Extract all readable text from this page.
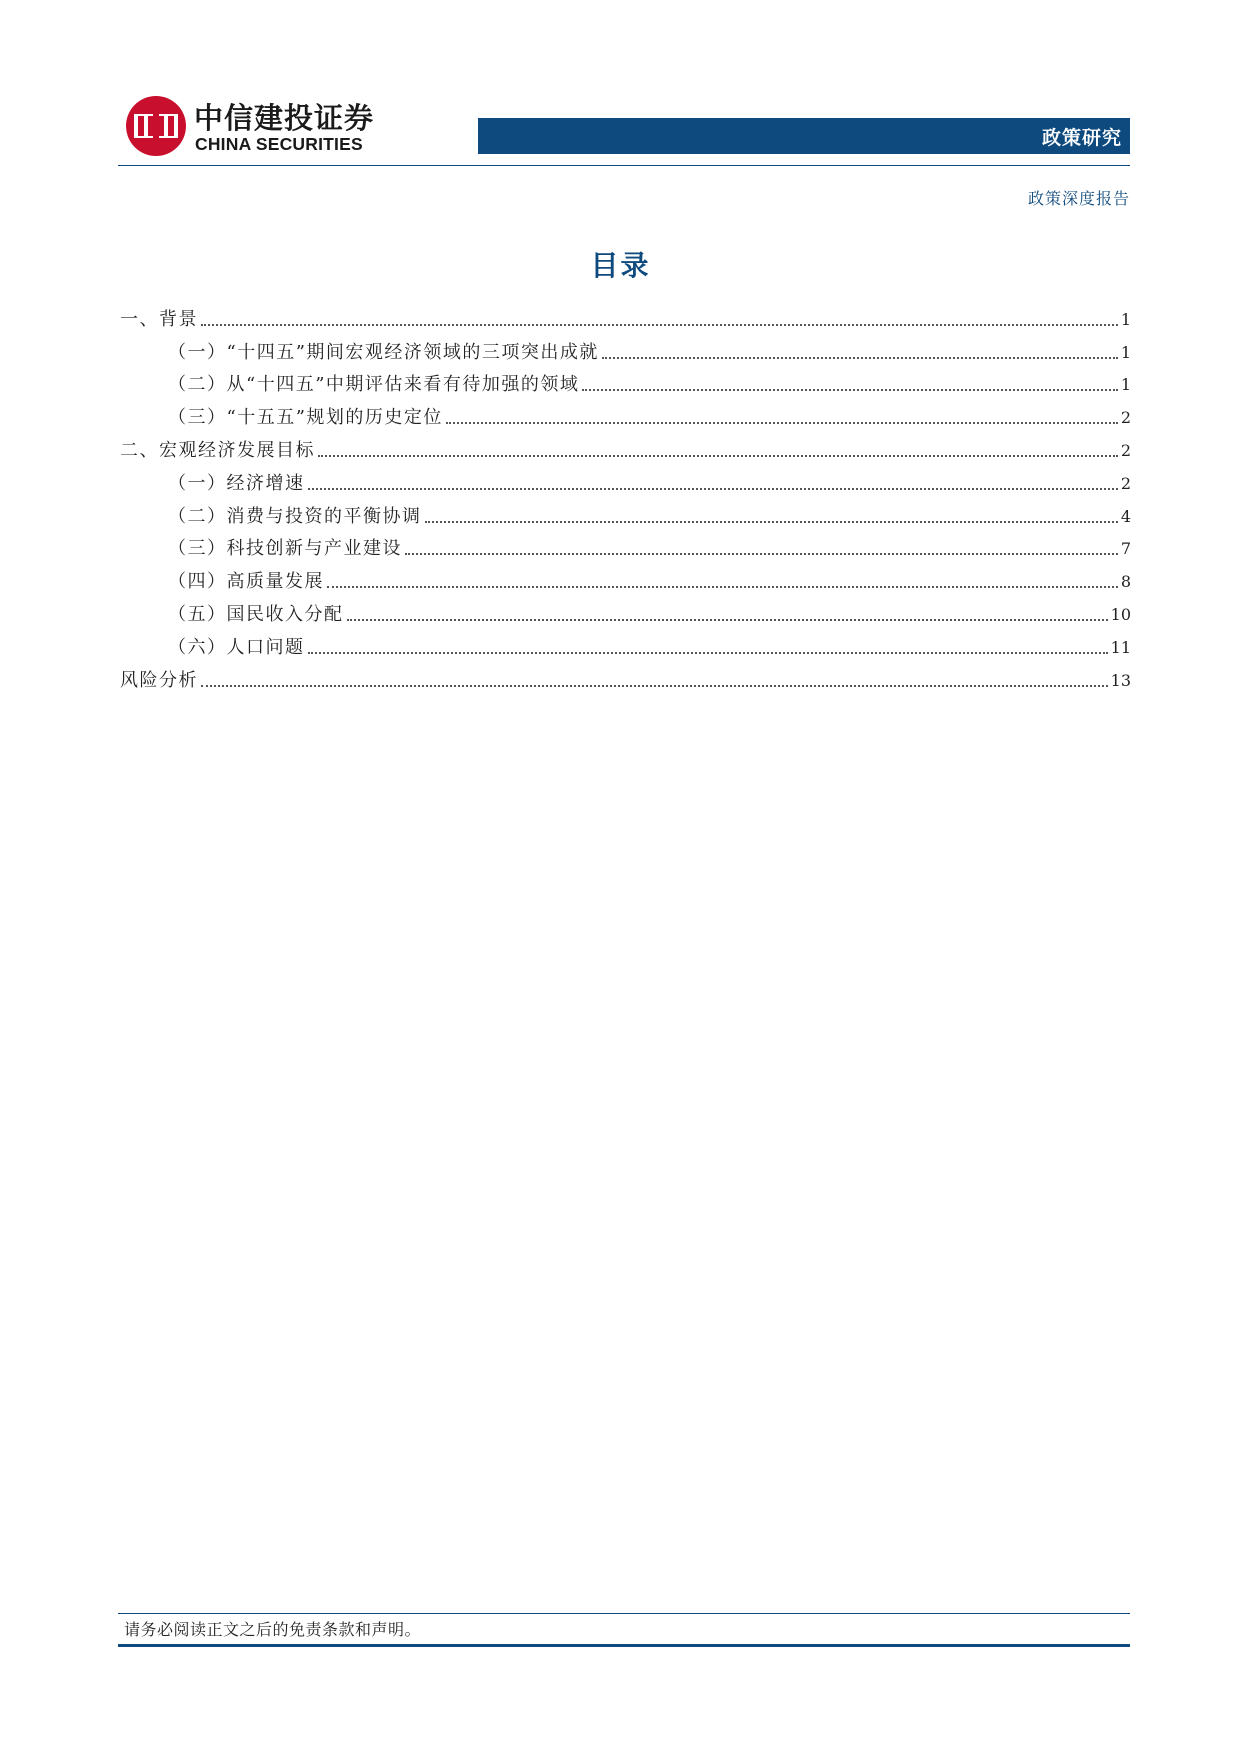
中信建投证券
CHINA SECURITIES	政策研究
政策深度报告
目录
一、背景	1
（一）“十四五”期间宏观经济领域的三项突出成就	1
（二）从“十四五”中期评估来看有待加强的领域	1
（三）“十五五”规划的历史定位	2
二、宏观经济发展目标	2
（一）经济增速	2
（二）消费与投资的平衡协调	4
（三）科技创新与产业建设	7
（四）高质量发展	8
（五）国民收入分配	10
（六）人口问题	11
风险分析	13
请务必阅读正文之后的免责条款和声明。
